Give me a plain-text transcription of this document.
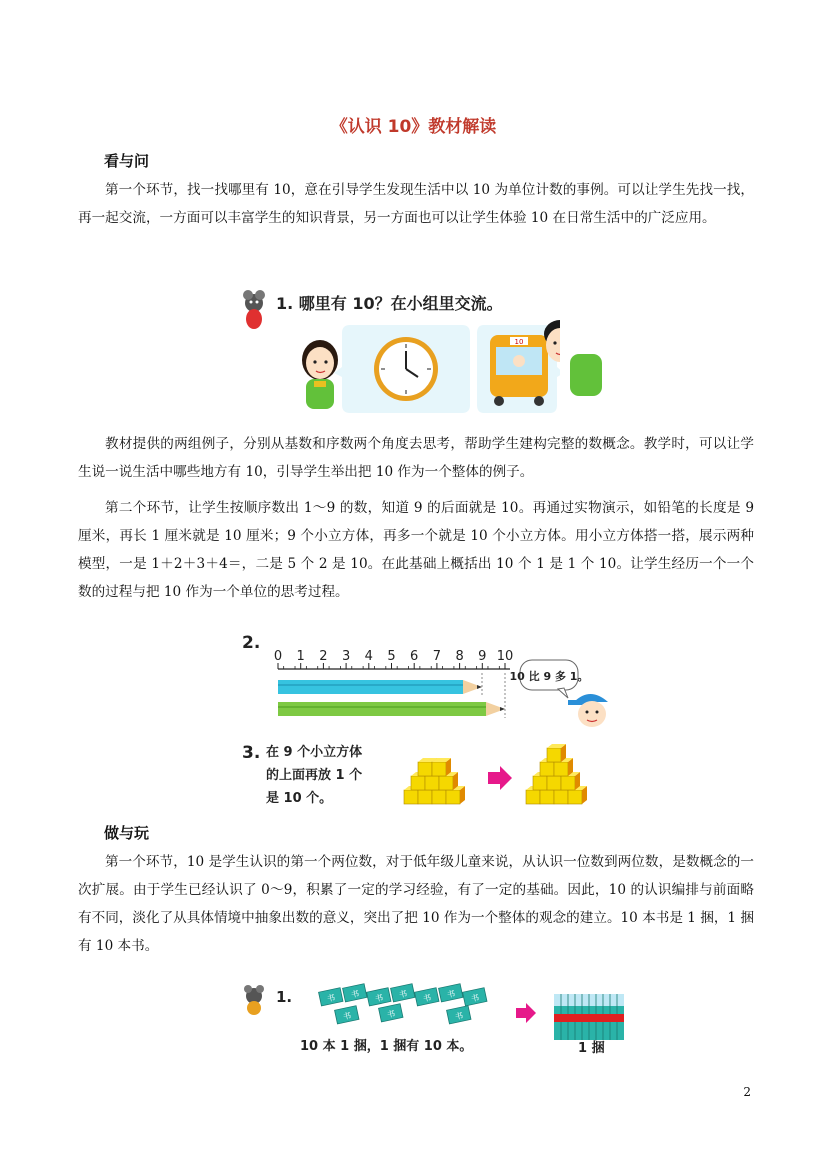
《认识 10》教材解读
看与问

第一个环节，找一找哪里有 10，意在引导学生发现生活中以 10 为单位计数的事例。可以让学生先找一找，再一起交流，一方面可以丰富学生的知识背景，另一方面也可以让学生体验 10 在日常生活中的广泛应用。

1. 哪里有 10？在小组里交流。
10

教材提供的两组例子，分别从基数和序数两个角度去思考，帮助学生建构完整的数概念。教学时，可以让学生说一说生活中哪些地方有 10，引导学生举出把 10 作为一个整体的例子。

第二个环节，让学生按顺序数出 1～9 的数，知道 9 的后面就是 10。再通过实物演示，如铅笔的长度是 9 厘米，再长 1 厘米就是 10 厘米；9 个小立方体，再多一个就是 10 个小立方体。用小立方体搭一搭，展示两种模型，一是 1＋2＋3＋4＝，二是 5 个 2 是 10。在此基础上概括出 10 个 1 是 1 个 10。让学生经历一个一个数的过程与把 10 作为一个单位的思考过程。

2.
0 1 2 3 4 5 6 7 8 9 10
10 比 9 多 1。
3. 在 9 个小立方体
的上面再放 1 个
是 10 个。
做与玩

第一个环节，10 是学生认识的第一个两位数，对于低年级儿童来说，从认识一位数到两位数，是数概念的一次扩展。由于学生已经认识了 0～9，积累了一定的学习经验，有了一定的基础。因此，10 的认识编排与前面略有不同，淡化了从具体情境中抽象出数的意义，突出了把 10 作为一个整体的观念的建立。10 本书是 1 捆，1 捆有 10 本书。

1.	书 书 书 书 书 书 书
书	书	书
10 本 1 捆，1 捆有 10 本。	1 捆
2
